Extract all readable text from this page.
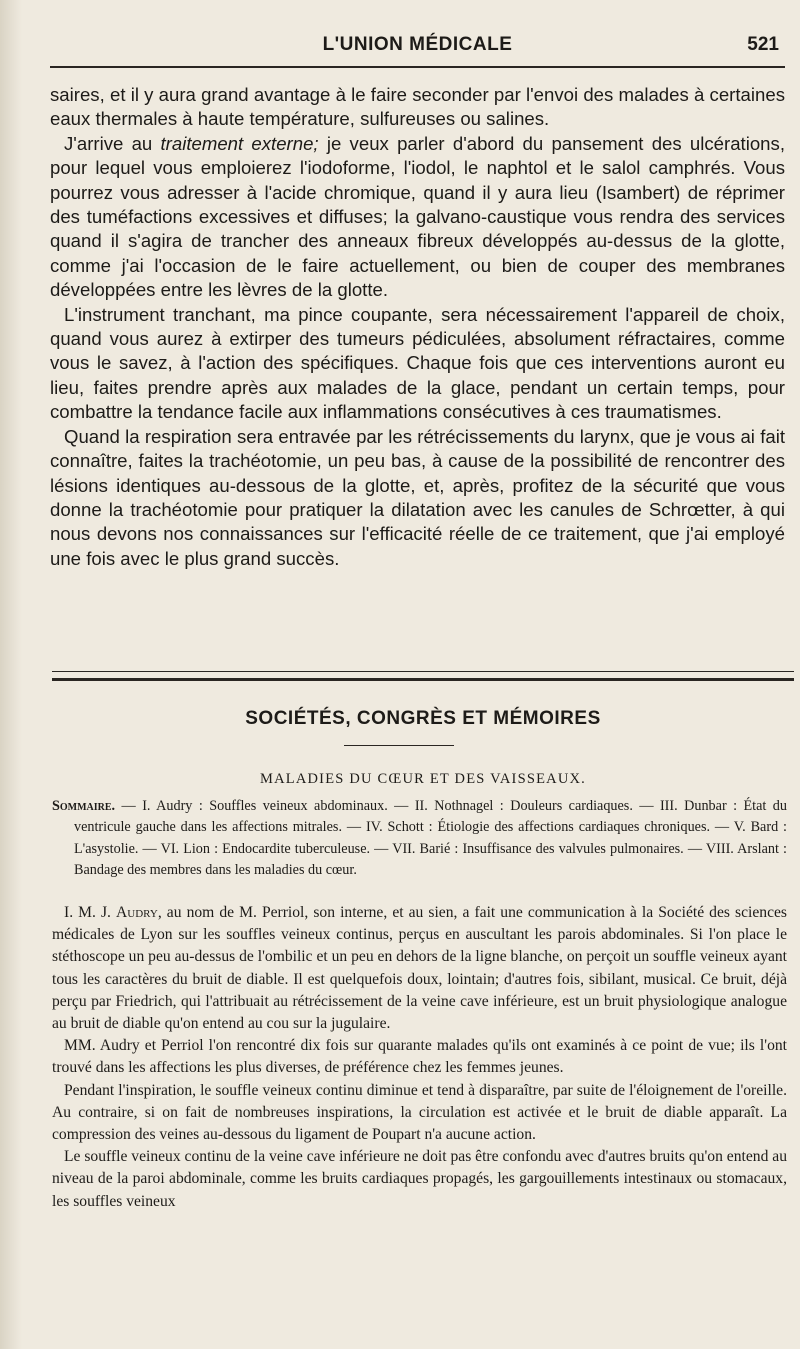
L'UNION MÉDICALE	521

saires, et il y aura grand avantage à le faire seconder par l'envoi des malades à certaines eaux thermales à haute température, sulfureuses ou salines.

J'arrive au traitement externe; je veux parler d'abord du pansement des ulcérations, pour lequel vous emploierez l'iodoforme, l'iodol, le naphtol et le salol camphrés. Vous pourrez vous adresser à l'acide chromique, quand il y aura lieu (Isambert) de réprimer des tuméfactions excessives et diffuses; la galvano-caustique vous rendra des services quand il s'agira de trancher des anneaux fibreux développés au-dessus de la glotte, comme j'ai l'occasion de le faire actuellement, ou bien de couper des membranes développées entre les lèvres de la glotte.

L'instrument tranchant, ma pince coupante, sera nécessairement l'appareil de choix, quand vous aurez à extirper des tumeurs pédiculées, absolument réfractaires, comme vous le savez, à l'action des spécifiques. Chaque fois que ces interventions auront eu lieu, faites prendre après aux malades de la glace, pendant un certain temps, pour combattre la tendance facile aux inflammations consécutives à ces traumatismes.

Quand la respiration sera entravée par les rétrécissements du larynx, que je vous ai fait connaître, faites la trachéotomie, un peu bas, à cause de la possibilité de rencontrer des lésions identiques au-dessous de la glotte, et, après, profitez de la sécurité que vous donne la trachéotomie pour pratiquer la dilatation avec les canules de Schrœtter, à qui nous devons nos connaissances sur l'efficacité réelle de ce traitement, que j'ai employé une fois avec le plus grand succès.

SOCIÉTÉS, CONGRÈS ET MÉMOIRES
MALADIES DU CŒUR ET DES VAISSEAUX.
Sommaire. — I. Audry : Souffles veineux abdominaux. — II. Nothnagel : Douleurs cardiaques. — III. Dunbar : État du ventricule gauche dans les affections mitrales. — IV. Schott : Étiologie des affections cardiaques chroniques. — V. Bard : L'asystolie. — VI. Lion : Endocardite tuberculeuse. — VII. Barié : Insuffisance des valvules pulmonaires. — VIII. Arslant : Bandage des membres dans les maladies du cœur.

I. M. J. Audry, au nom de M. Perriol, son interne, et au sien, a fait une communication à la Société des sciences médicales de Lyon sur les souffles veineux continus, perçus en auscultant les parois abdominales. Si l'on place le stéthoscope un peu au-dessus de l'ombilic et un peu en dehors de la ligne blanche, on perçoit un souffle veineux ayant tous les caractères du bruit de diable. Il est quelquefois doux, lointain; d'autres fois, sibilant, musical. Ce bruit, déjà perçu par Friedrich, qui l'attribuait au rétrécissement de la veine cave inférieure, est un bruit physiologique analogue au bruit de diable qu'on entend au cou sur la jugulaire.

MM. Audry et Perriol l'on rencontré dix fois sur quarante malades qu'ils ont examinés à ce point de vue; ils l'ont trouvé dans les affections les plus diverses, de préférence chez les femmes jeunes.

Pendant l'inspiration, le souffle veineux continu diminue et tend à disparaître, par suite de l'éloignement de l'oreille. Au contraire, si on fait de nombreuses inspirations, la circulation est activée et le bruit de diable apparaît. La compression des veines au-dessous du ligament de Poupart n'a aucune action.

Le souffle veineux continu de la veine cave inférieure ne doit pas être confondu avec d'autres bruits qu'on entend au niveau de la paroi abdominale, comme les bruits cardiaques propagés, les gargouillements intestinaux ou stomacaux, les souffles veineux
